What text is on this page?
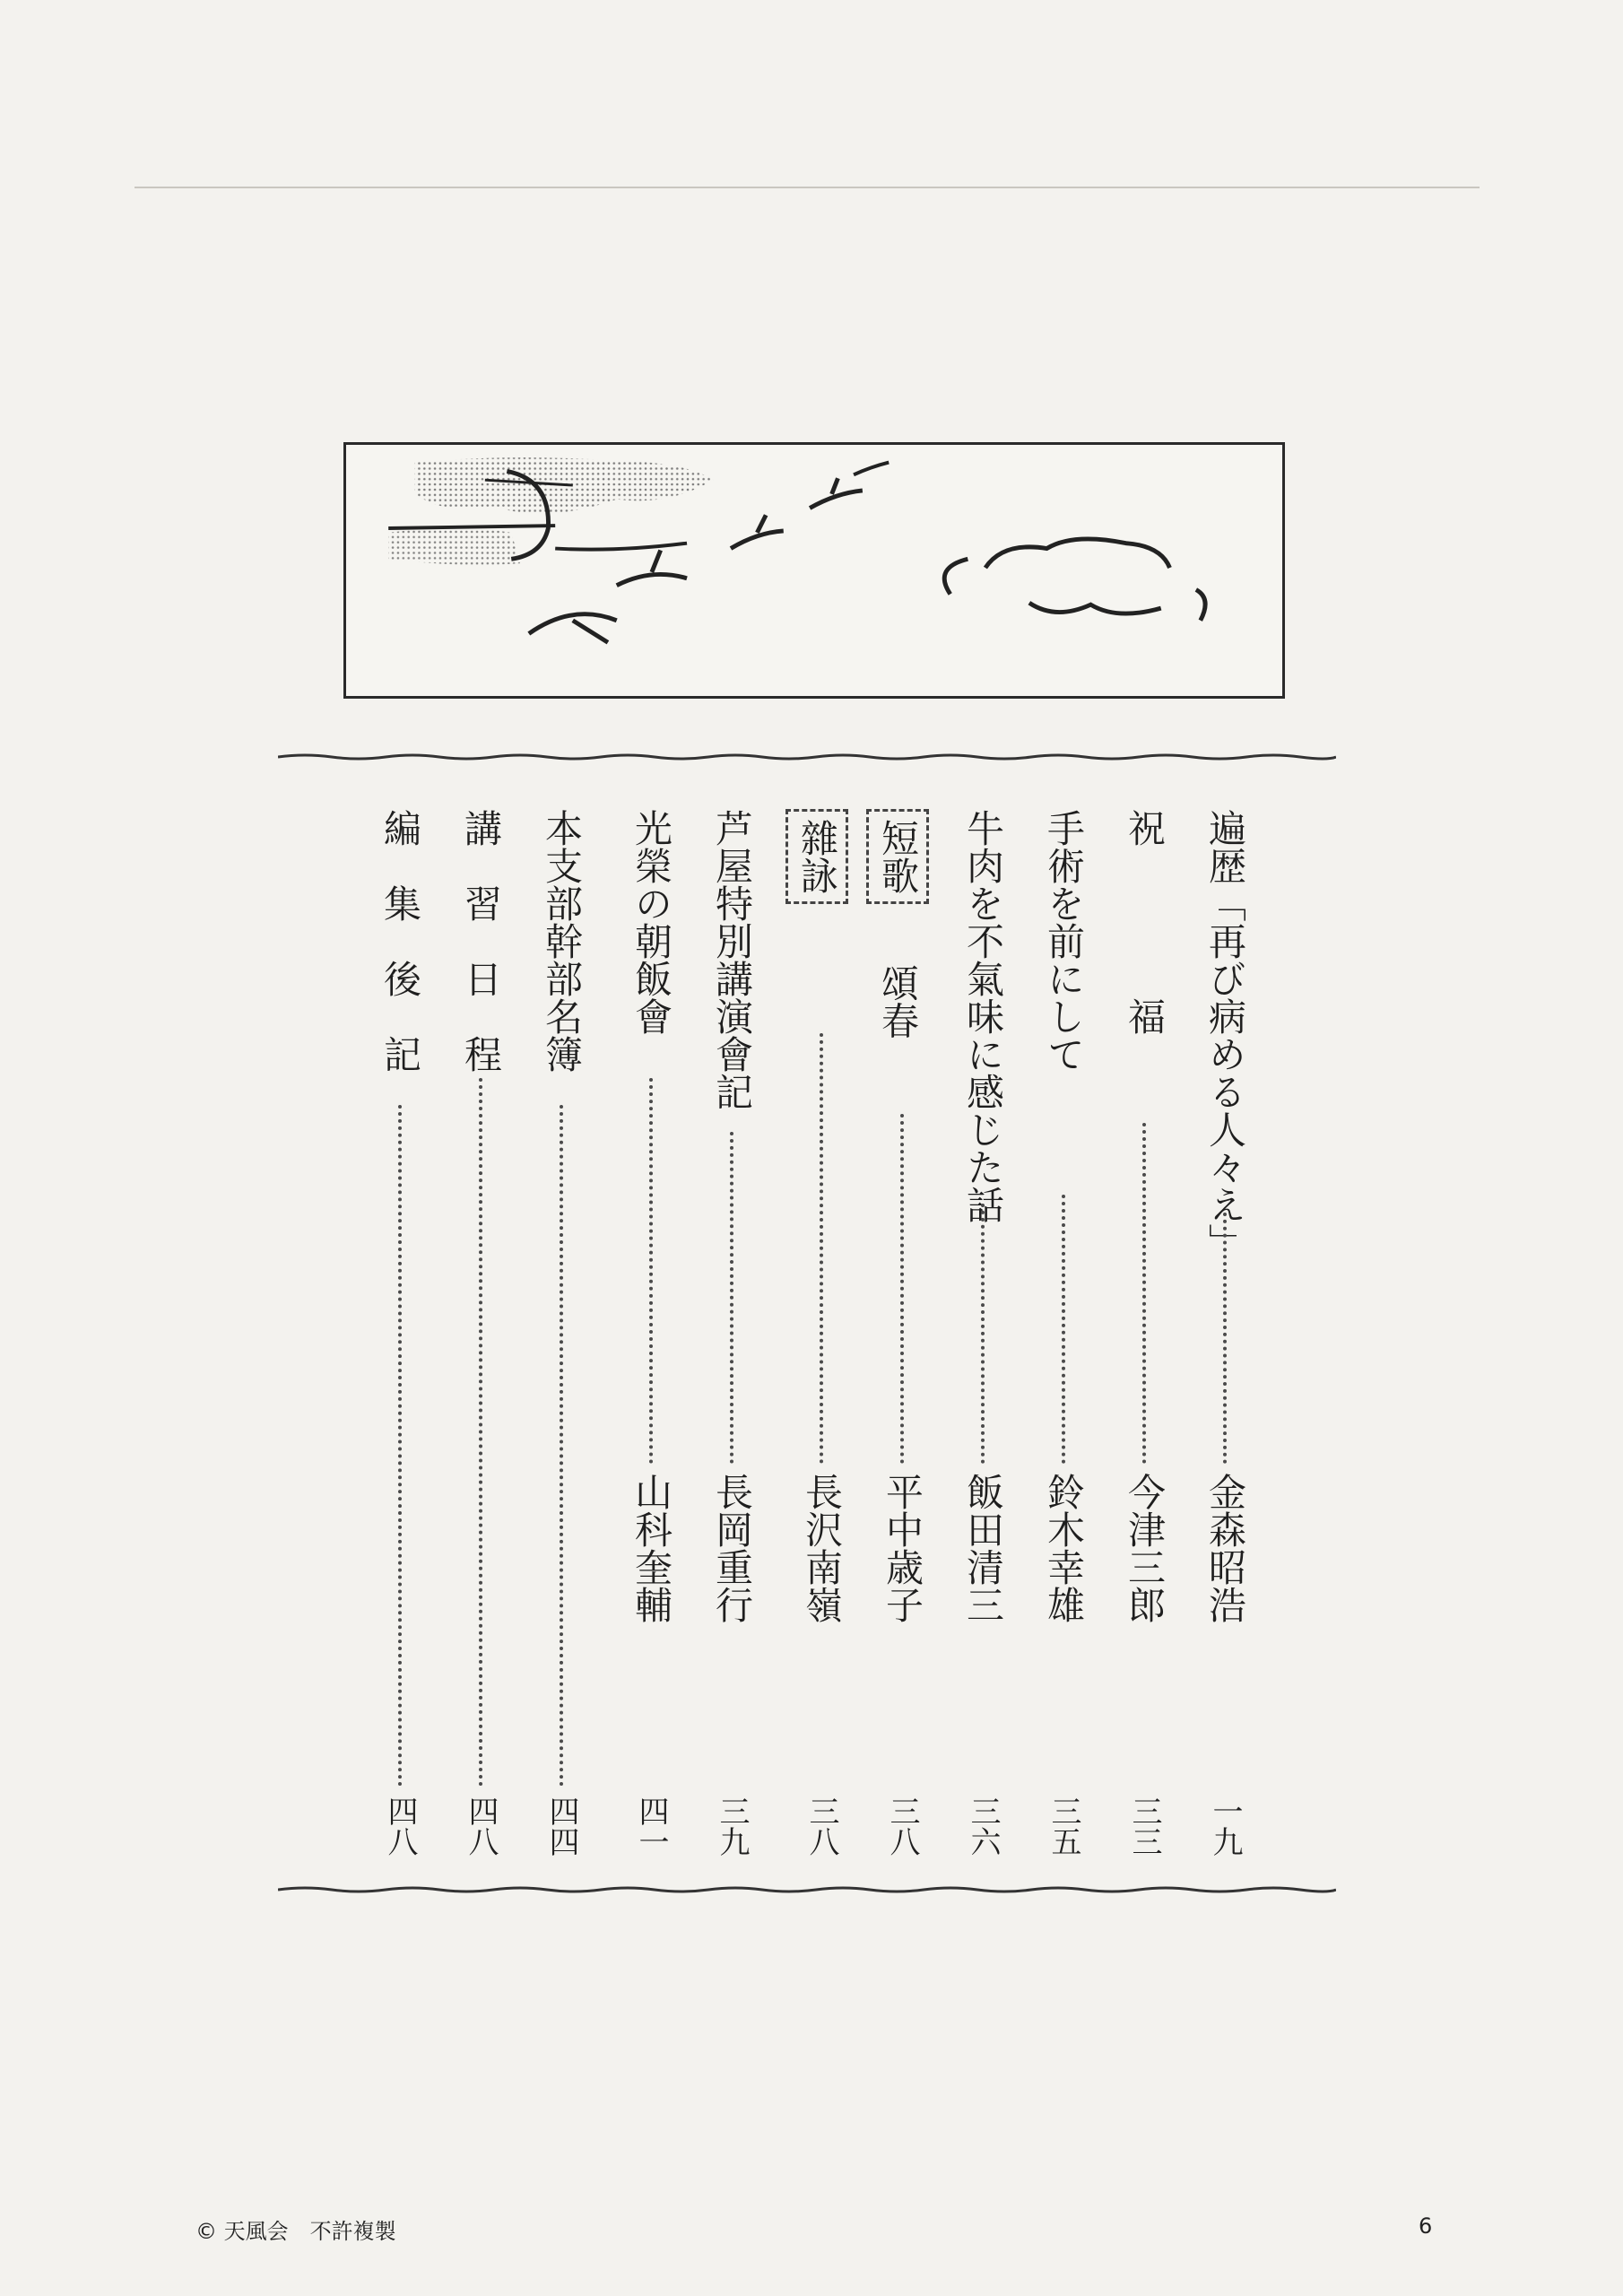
遍歴「再び病める人々え」
金森昭浩
一九
祝　　　　福
今津三郎
三三
手術を前にして
鈴木幸雄
三五
牛肉を不氣味に感じた話
飯田清三
三六
短歌  頌春
平中歳子
三八
雜詠
長沢南嶺
三八
芦屋特別講演會記
長岡重行
三九
光榮の朝飯會
山科奎輔
四一
本支部幹部名簿
四四
講　習　日　程
四八
編　集　後　記
四八
© 天風会　不許複製	6
